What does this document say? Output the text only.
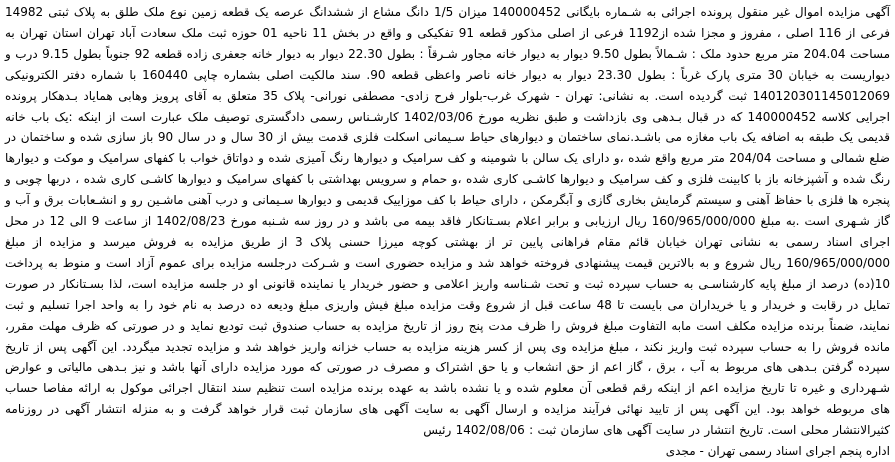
آگهی مزایده اموال غیر منقول پرونده اجرائی به شـماره بایگانی 140000452 میزان 1/5 دانگ مشاع از ششدانگ عرصه یک قطعه زمین نوع ملک طلق به پلاک ثبتی 14982 فرعی از 116 اصلی ، مفروز و مجزا شده از1192 فرعی از اصلی مذکور قطعه 91 تفکیکی و واقع در بخش 11 ناحیه 01 حوزه ثبت ملک سعادت آباد تهران استان تهران به مساحت 204.04 متر مربع حدود ملک : شـمالاً بطول 9.50 دیوار به دیوار خانه مجاور شـرقاً : بطول 22.30 دیوار به دیوار خانه جعفری زاده قطعه 92 جنوباً بطول 9.15 درب و دیواریست به خیابان 30 متری پارک غرباً : بطول 23.30 دیوار به دیوار خانه ناصر واعظی قطعه 90. سند مالکیت اصلی بشماره چاپی 160440 با شماره دفتر الکترونیکی 140120301145012069 ثبت گردیده است. به نشانی: تهران - شهرک غرب-بلوار فرح زادی- مصطفی نورانی- پلاک 35 متعلق به آقای پرویز وهابی همایاد بـدهکار پرونده اجرایی کلاسه 140000452 که در قبال بـدهی وی بازداشت و طبق نظریه مورخ 1402/03/06 کارشـناس رسمی دادگستری توصیف ملک عبارت است از اینکه :یک باب خانه قدیمی یک طبقه به اضافه یک باب مغازه می باشـد.نمای ساختمان و دیوارهای حیاط سـیمانی اسکلت فلزی قدمت بیش از 30 سال و در سال 90 باز سازی شده و ساختمان در ضلع شمالی و مساحت 204/04 متر مربع واقع شده ،و دارای یک سالن با شومینه و کف سرامیک و دیوارها رنگ آمیزی شده و دواتاق خواب با کفهای سرامیک و موکت و دیوارها رنگ شده و آشپزخانه باز با کابینت فلزی و کف سرامیک و دیوارها کاشـی کاری شده ،و حمام و سرویس بهداشتی با کفهای سرامیک و دیوارها کاشـی کاری شده ، دربها چوبی و پنجره ها فلزی با حفاظ آهنی و سیستم گرمایش بخاری گازی و آبگرمکن ، دارای حیاط با کف موزاییک قدیمی و دیوارها سـیمانی و درب آهنی ماشـین رو و انشـعابات برق و آب و گاز شـهری است .به مبلغ 160/965/000/000 ریال ارزیابی و برابر اعلام بسـتانکار فاقد بیمه می باشد و در روز سه شـنبه مورخ 1402/08/23 از ساعت 9 الی 12 در محل اجرای اسناد رسمی به نشانی تهران خیابان قائم مقام فراهانی پایین تر از بهشتی کوچه میرزا حسنی پلاک 3 از طریق مزایده به فروش میرسد و مزایده از مبلغ 160/965/000/000 ریال شروع و به بالاترین قیمت پیشنهادی فروخته خواهد شد و مزایده حضوری است و شـرکت درجلسه مزایده برای عموم آزاد است و منوط به پرداخت 10(ده) درصد از مبلغ پایه کارشناسـی به حساب سپرده ثبت و تحت شـناسه واریز اعلامی و حضور خریدار یا نماینده قانونی او در جلسه مزایده است، لذا بسـتانکار در صورت تمایل در رقابت و خریدار و یا خریداران می بایست تا 48 ساعت قبل از شروع وقت مزایده مبلغ فیش واریزی مبلغ ودیعه ده درصد به نام خود را به واحد اجرا تسلیم و ثبت نمایند، ضمناً برنده مزایده مکلف است مابه التفاوت مبلغ فروش را ظرف مدت پنج روز از تاریخ مزایده به حساب صندوق ثبت تودیع نماید و در صورتی که ظرف مهلت مقرر، مانده فروش را به حساب سپرده ثبت واریز نکند ، مبلغ مزایده وی پس از کسر هزینه مزایده به حساب خزانه واریز خواهد شد و مزایده تجدید میگردد. این آگهی پس از تاریخ سپرده گرفتن بـدهی های مربوط به آب ، برق ، گاز اعم از حق انشعاب و یا حق اشتراک و مصرف در صورتی که مورد مزایده دارای آنها باشد و نیز بـدهی مالیاتی و عوارض شـهرداری و غیره تا تاریخ مزایده اعم از اینکه رقم قطعی آن معلوم شده و یا نشده باشد به عهده برنده مزایده است تنظیم سند انتقال اجرائی موکول به ارائه مفاصا حساب های مربوطه خواهد بود. این آگهی پس از تایید نهائی فرآیند مزایده و ارسال آگهی به سایت آگهی های سازمان ثبت قرار خواهد گرفت و به منزله انتشار آگهی در روزنامه کثیرالانتشار محلی است. تاریخ انتشار در سایت آگهی های سازمان ثبت : 1402/08/06 رئیس

اداره پنجم اجرای اسناد رسمی تهران - مجدی
